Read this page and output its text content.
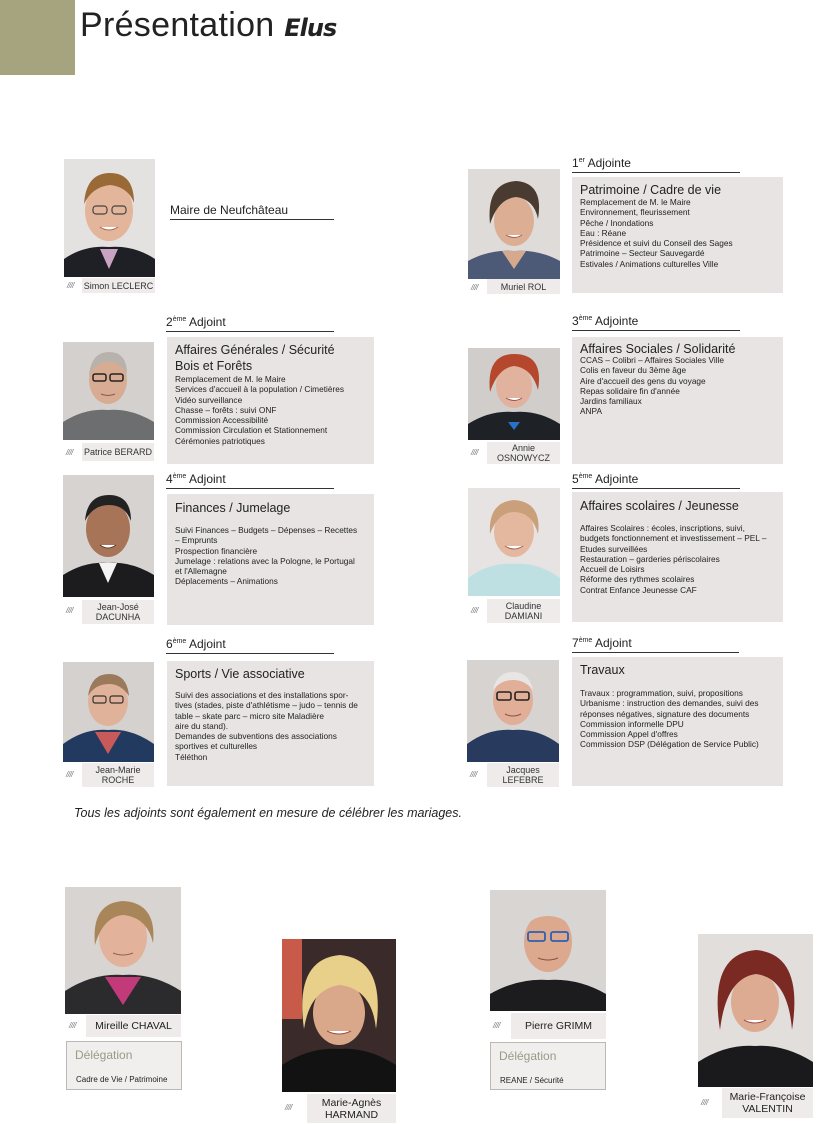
Présentation Elus
//// Simon LECLERC
Maire de Neufchâteau
1er Adjointe
////	Muriel ROL
Patrimoine / Cadre de vie
Remplacement de M. le Maire
Environnement, fleurissement
Pêche / Inondations
Eau : Réane
Présidence et suivi du Conseil des Sages
Patrimoine – Secteur Sauvegardé
Estivales / Animations culturelles Ville
2ème Adjoint
//// Patrice BERARD
Affaires Générales / Sécurité
Bois et Forêts
Remplacement de M. le Maire
Services d'accueil à la population / Cimetières
Vidéo surveillance
Chasse – forêts : suivi ONF
Commission Accessibilité
Commission Circulation et Stationnement
Cérémonies patriotiques
3ème Adjointe
////	Annie
OSNOWYCZ
Affaires Sociales / Solidarité
CCAS – Colibri – Affaires Sociales Ville
Colis en faveur du 3ème âge
Aire d'accueil des gens du voyage
Repas solidaire fin d'année
Jardins familiaux
ANPA
4ème Adjoint
////	Jean-José
DACUNHA
Finances / Jumelage
Suivi Finances – Budgets – Dépenses – Recettes
– Emprunts
Prospection financière
Jumelage : relations avec la Pologne, le Portugal
et l'Allemagne
Déplacements – Animations
5ème Adjointe
////	Claudine
DAMIANI
Affaires scolaires / Jeunesse
Affaires Scolaires : écoles, inscriptions, suivi,
budgets fonctionnement et investissement – PEL –
Etudes surveillées
Restauration – garderies périscolaires
Accueil de Loisirs
Réforme des rythmes scolaires
Contrat Enfance Jeunesse CAF
6ème Adjoint
////	Jean-Marie
ROCHE
Sports / Vie associative
Suivi des associations et des installations spor-
tives (stades, piste d'athlétisme – judo – tennis de
table – skate parc – micro site Maladière
aire du stand).
Demandes de subventions des associations
sportives et culturelles
Téléthon
7ème Adjoint
////	Jacques
LEFEBRE
Travaux
Travaux : programmation, suivi, propositions
Urbanisme : instruction des demandes, suivi des
réponses négatives, signature des documents
Commission informelle DPU
Commission Appel d'offres
Commission DSP (Délégation de Service Public)
Tous les adjoints sont également en mesure de célébrer les mariages.
//// Mireille CHAVAL
Délégation
Cadre de Vie / Patrimoine
////	Marie-Agnès
HARMAND
//// Pierre GRIMM
Délégation
REANE / Sécurité
//// Marie-Françoise
VALENTIN
